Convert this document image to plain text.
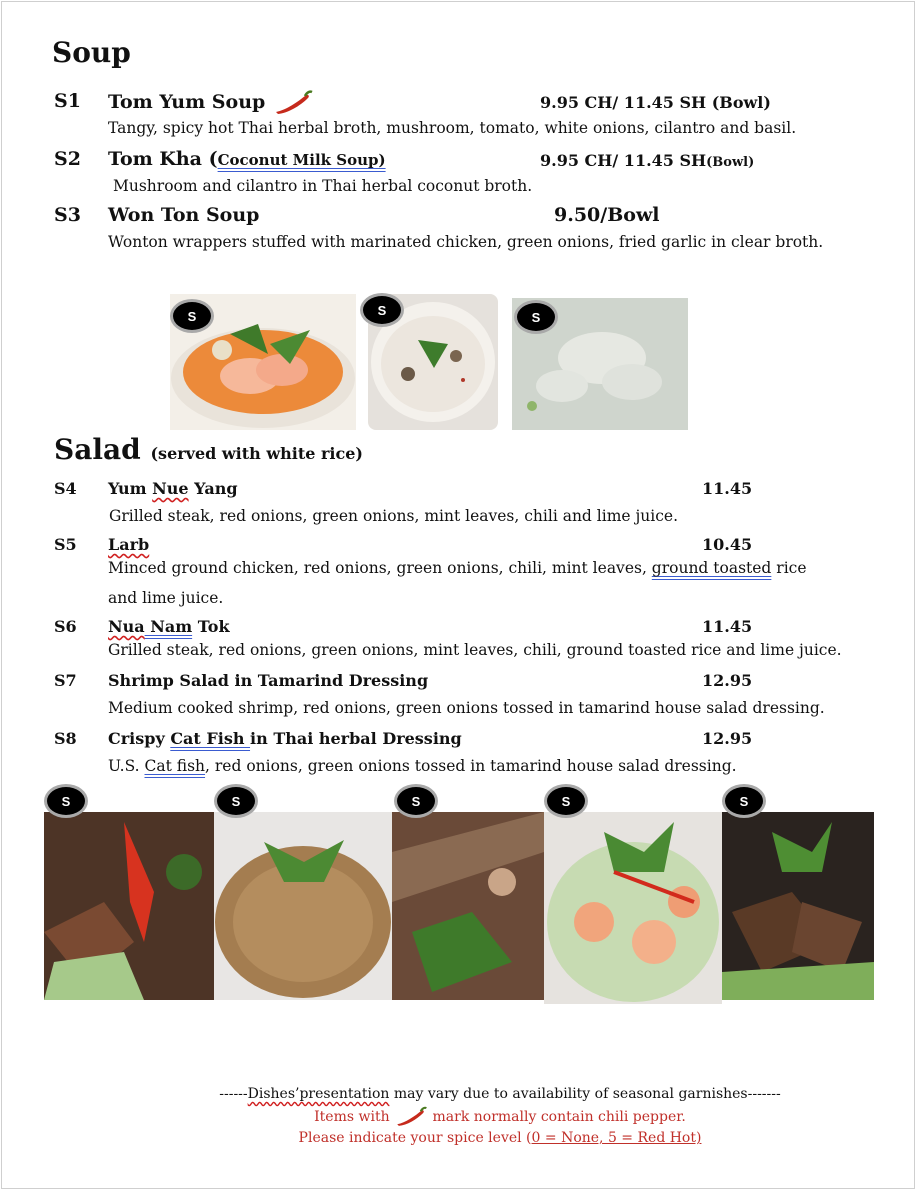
Soup
S1 Tom Yum Soup	9.95 CH/ 11.45 SH (Bowl)
Tangy, spicy hot Thai herbal broth, mushroom, tomato, white onions, cilantro and basil.
S2 Tom Kha (Coconut Milk Soup)	9.95 CH/ 11.45 SH(Bowl)
Mushroom and cilantro in Thai herbal coconut broth.
S3 Won Ton Soup	9.50/Bowl
Wonton wrappers stuffed with marinated chicken, green onions, fried garlic in clear broth.
S	S	S
Salad (served with white rice)
S4 Yum Nue Yang	11.45
Grilled steak, red onions, green onions, mint leaves, chili and lime juice.
S5 Larb	10.45
Minced ground chicken, red onions, green onions, chili, mint leaves, ground toasted rice
and lime juice.
S6 Nua Nam Tok	11.45
Grilled steak, red onions, green onions, mint leaves, chili, ground toasted rice and lime juice.
S7 Shrimp Salad in Tamarind Dressing	12.95
Medium cooked shrimp, red onions, green onions tossed in tamarind house salad dressing.
S8 Crispy Cat Fish in Thai herbal Dressing	12.95
U.S. Cat fish, red onions, green onions tossed in tamarind house salad dressing.
S	S	S	S	S
------Dishes’presentation may vary due to availability of seasonal garnishes-------
Items with	mark normally contain chili pepper.
Please indicate your spice level (0 = None, 5 = Red Hot)
